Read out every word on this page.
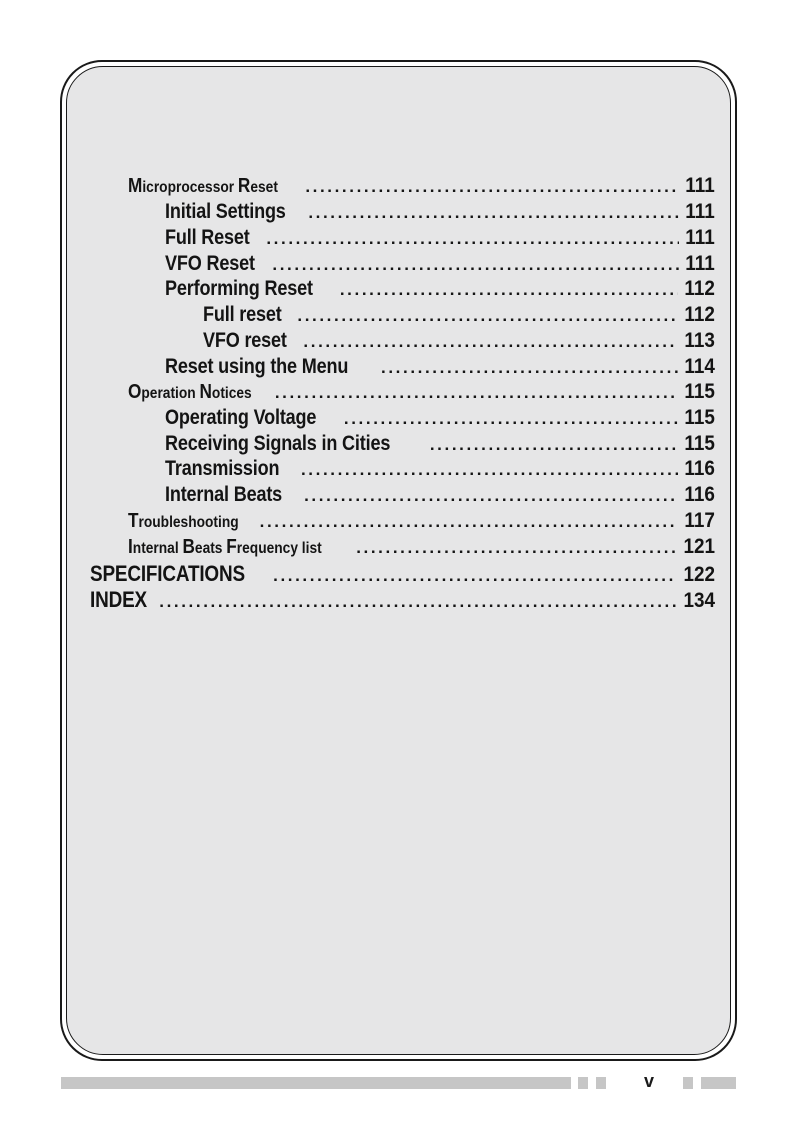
Microprocessor Reset .....	111
Initial Settings .....	111
Full Reset .....	111
VFO Reset .....	111
Performing Reset .....	112
Full reset .....	112
VFO reset .....	113
Reset using the Menu .....	114
Operation Notices .....	115
Operating Voltage .....	115
Receiving Signals in Cities .....	115
Transmission .....	116
Internal Beats .....	116
Troubleshooting .....	117
Internal Beats Frequency list .....	121
SPECIFICATIONS .....	122
INDEX .....	134
v
